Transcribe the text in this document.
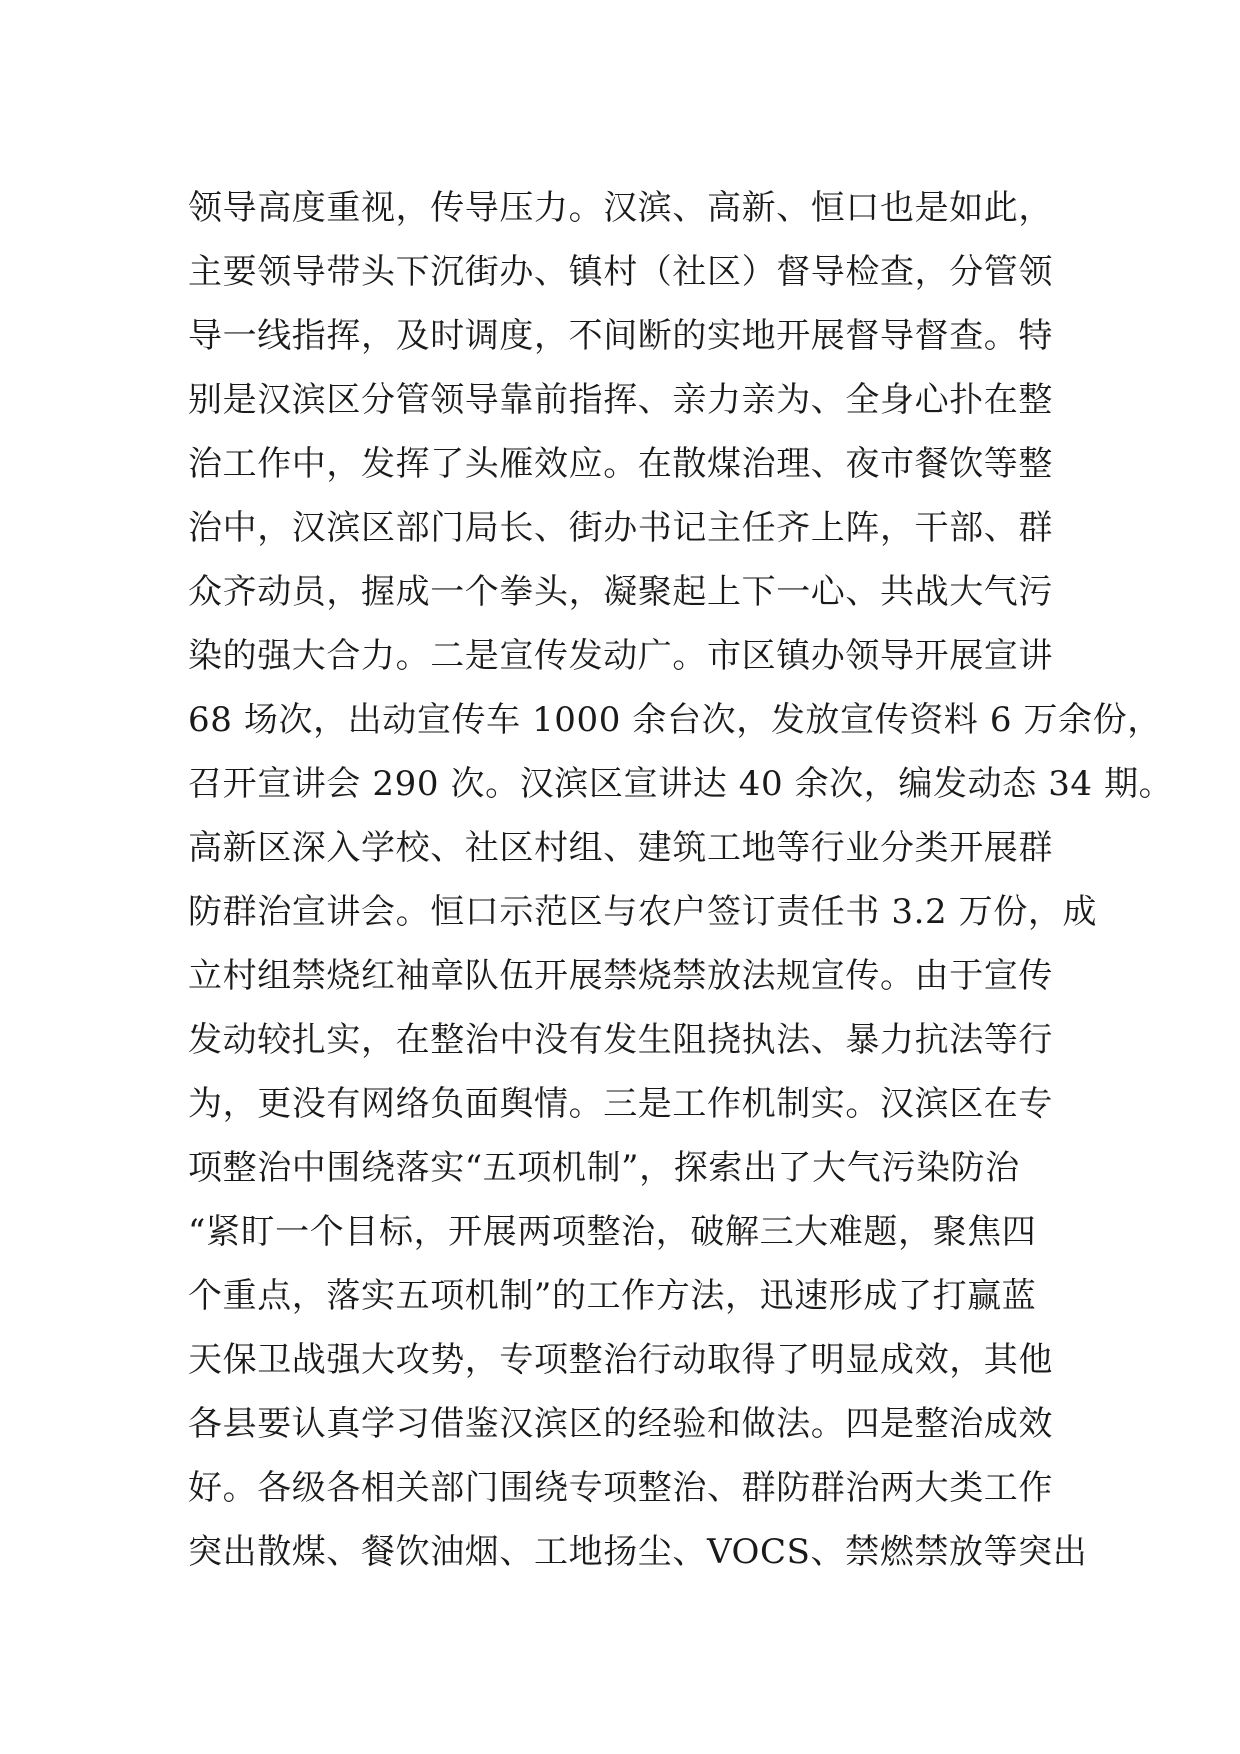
领导高度重视，传导压力。汉滨、高新、恒口也是如此，
主要领导带头下沉街办、镇村（社区）督导检查，分管领
导一线指挥，及时调度，不间断的实地开展督导督查。特
别是汉滨区分管领导靠前指挥、亲力亲为、全身心扑在整
治工作中，发挥了头雁效应。在散煤治理、夜市餐饮等整
治中，汉滨区部门局长、街办书记主任齐上阵，干部、群
众齐动员，握成一个拳头，凝聚起上下一心、共战大气污
染的强大合力。二是宣传发动广。市区镇办领导开展宣讲
68 场次，出动宣传车 1000 余台次，发放宣传资料 6 万余份，
召开宣讲会 290 次。汉滨区宣讲达 40 余次，编发动态 34 期。
高新区深入学校、社区村组、建筑工地等行业分类开展群
防群治宣讲会。恒口示范区与农户签订责任书 3.2 万份，成
立村组禁烧红袖章队伍开展禁烧禁放法规宣传。由于宣传
发动较扎实，在整治中没有发生阻挠执法、暴力抗法等行
为，更没有网络负面舆情。三是工作机制实。汉滨区在专
项整治中围绕落实“五项机制”，探索出了大气污染防治
“紧盯一个目标，开展两项整治，破解三大难题，聚焦四
个重点，落实五项机制”的工作方法，迅速形成了打赢蓝
天保卫战强大攻势，专项整治行动取得了明显成效，其他
各县要认真学习借鉴汉滨区的经验和做法。四是整治成效
好。各级各相关部门围绕专项整治、群防群治两大类工作
突出散煤、餐饮油烟、工地扬尘、VOCS、禁燃禁放等突出
